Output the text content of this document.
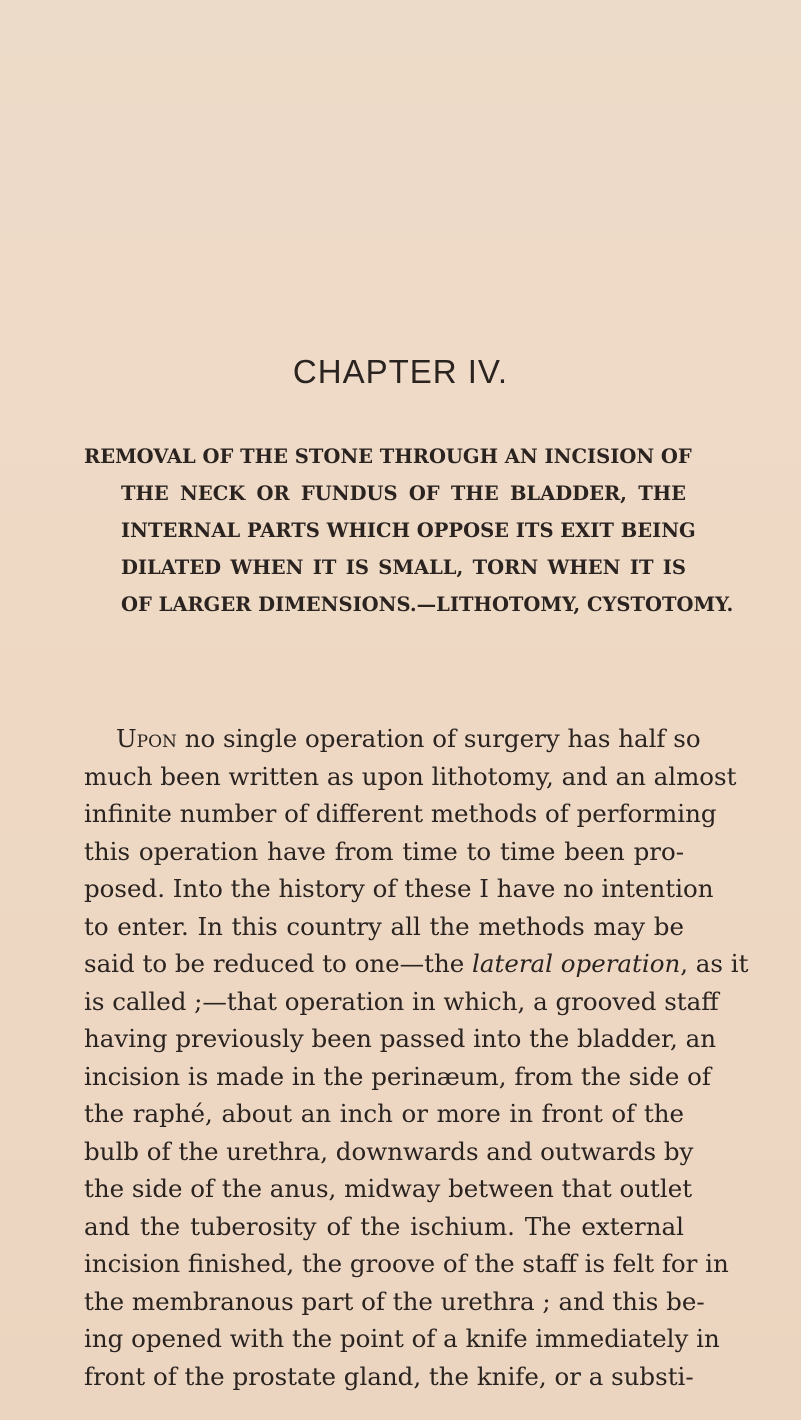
CHAPTER IV.
REMOVAL OF THE STONE THROUGH AN INCISION OF
THE NECK OR FUNDUS OF THE BLADDER, THE
INTERNAL PARTS WHICH OPPOSE ITS EXIT BEING
DILATED WHEN IT IS SMALL, TORN WHEN IT IS
OF LARGER DIMENSIONS.—LITHOTOMY, CYSTOTOMY.
Upon no single operation of surgery has half so
much been written as upon lithotomy, and an almost
infinite number of different methods of performing
this operation have from time to time been pro-
posed. Into the history of these I have no intention
to enter. In this country all the methods may be
said to be reduced to one—the lateral operation, as it
is called ;—that operation in which, a grooved staff
having previously been passed into the bladder, an
incision is made in the perinæum, from the side of
the raphé, about an inch or more in front of the
bulb of the urethra, downwards and outwards by
the side of the anus, midway between that outlet
and the tuberosity of the ischium. The external
incision finished, the groove of the staff is felt for in
the membranous part of the urethra ; and this be-
ing opened with the point of a knife immediately in
front of the prostate gland, the knife, or a substi-
